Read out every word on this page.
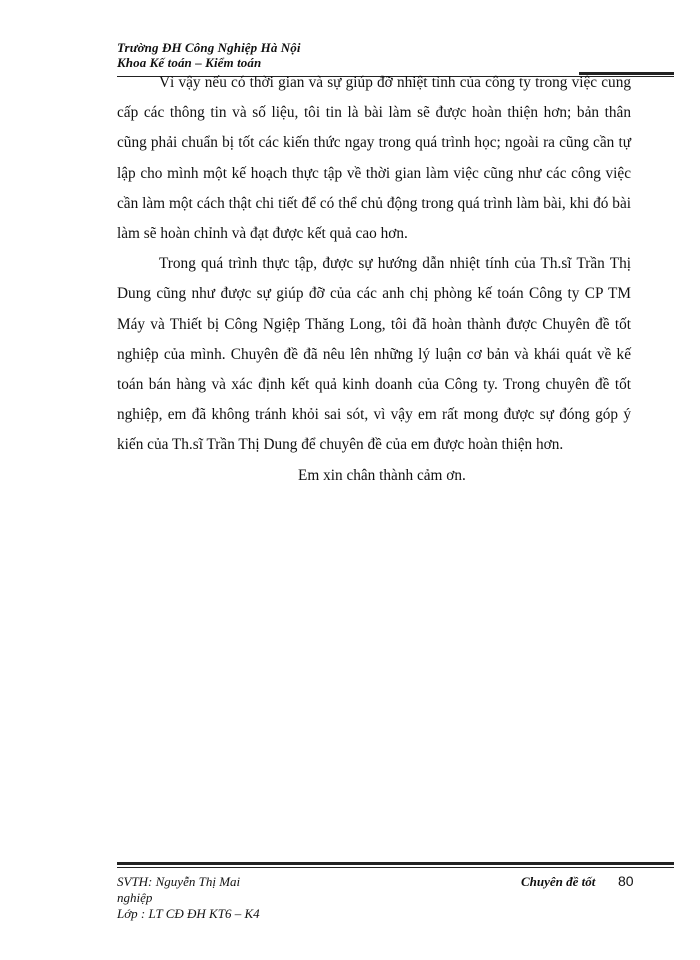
Trường ĐH Công Nghiệp Hà Nội
Khoa Kế toán – Kiểm toán

Vì vậy nếu có thời gian và sự giúp đỡ nhiệt tình của công ty trong việc cung cấp các thông tin và số liệu, tôi tin là bài làm sẽ được hoàn thiện hơn; bản thân cũng phải chuẩn bị tốt các kiến thức ngay trong quá trình học; ngoài ra cũng cần tự lập cho mình một kế hoạch thực tập về thời gian làm việc cũng như các công việc cần làm một cách thật chi tiết để có thể chủ động trong quá trình làm bài, khi đó bài làm sẽ hoàn chỉnh và đạt được kết quả cao hơn.

Trong quá trình thực tập, được sự hướng dẫn nhiệt tính của Th.sĩ Trần Thị Dung cũng như được sự giúp đỡ của các anh chị phòng kế toán Công ty CP TM Máy và Thiết bị Công Ngiệp Thăng Long, tôi đã hoàn thành được Chuyên đề tốt nghiệp của mình. Chuyên đề đã nêu lên những lý luận cơ bản và khái quát về kế toán bán hàng và xác định kết quả kinh doanh của Công ty. Trong chuyên đề tốt nghiệp, em đã không tránh khỏi sai sót, vì vậy em rất mong được sự đóng góp ý kiến của Th.sĩ Trần Thị Dung để chuyên đề của em được hoàn thiện hơn.

Em xin chân thành cảm ơn.

SVTH: Nguyễn Thị Mai
nghiệp
Lớp : LT CĐ ĐH KT6 – K4
Chuyên đề tốt 80
